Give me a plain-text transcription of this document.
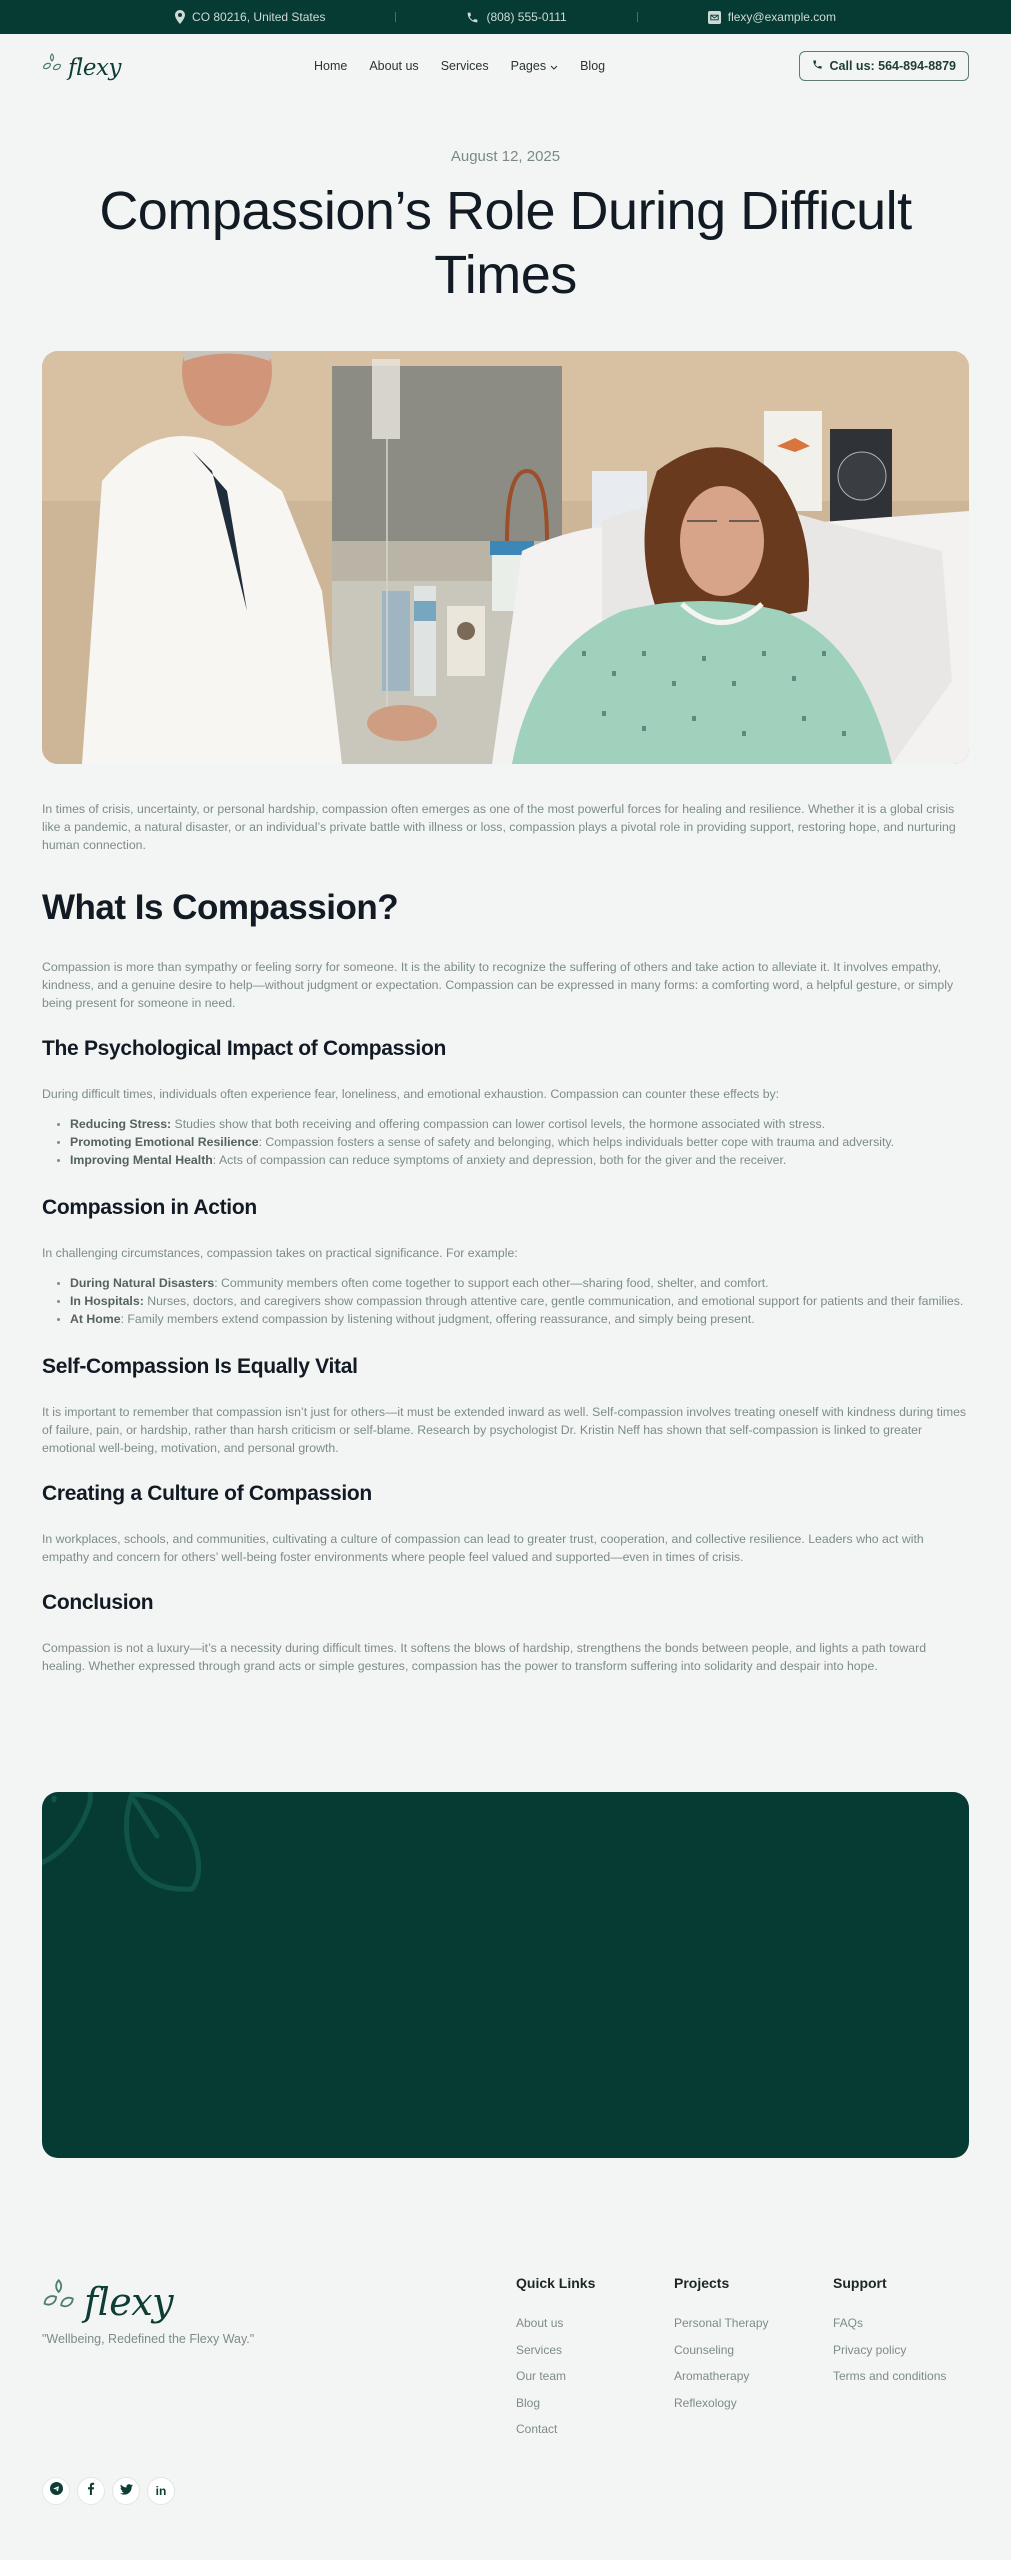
CO 80216, United States	(808) 555-0111	flexy@example.com
flexy	Home About us Services Pages	Blog	Call us: 564-894-8879
August 12, 2025
Compassion’s Role During Difficult Times

In times of crisis, uncertainty, or personal hardship, compassion often emerges as one of the most powerful forces for healing and resilience. Whether it is a global crisis like a pandemic, a natural disaster, or an individual’s private battle with illness or loss, compassion plays a pivotal role in providing support, restoring hope, and nurturing human connection.

What Is Compassion?

Compassion is more than sympathy or feeling sorry for someone. It is the ability to recognize the suffering of others and take action to alleviate it. It involves empathy, kindness, and a genuine desire to help—without judgment or expectation. Compassion can be expressed in many forms: a comforting word, a helpful gesture, or simply being present for someone in need.

The Psychological Impact of Compassion

During difficult times, individuals often experience fear, loneliness, and emotional exhaustion. Compassion can counter these effects by:

Reducing Stress: Studies show that both receiving and offering compassion can lower cortisol levels, the hormone associated with stress.
Promoting Emotional Resilience: Compassion fosters a sense of safety and belonging, which helps individuals better cope with trauma and adversity.
Improving Mental Health: Acts of compassion can reduce symptoms of anxiety and depression, both for the giver and the receiver.
Compassion in Action

In challenging circumstances, compassion takes on practical significance. For example:

During Natural Disasters: Community members often come together to support each other—sharing food, shelter, and comfort.
In Hospitals: Nurses, doctors, and caregivers show compassion through attentive care, gentle communication, and emotional support for patients and their families.
At Home: Family members extend compassion by listening without judgment, offering reassurance, and simply being present.
Self-Compassion Is Equally Vital

It is important to remember that compassion isn’t just for others—it must be extended inward as well. Self-compassion involves treating oneself with kindness during times of failure, pain, or hardship, rather than harsh criticism or self-blame. Research by psychologist Dr. Kristin Neff has shown that self-compassion is linked to greater emotional well-being, motivation, and personal growth.

Creating a Culture of Compassion

In workplaces, schools, and communities, cultivating a culture of compassion can lead to greater trust, cooperation, and collective resilience. Leaders who act with empathy and concern for others’ well-being foster environments where people feel valued and supported—even in times of crisis.

Conclusion

Compassion is not a luxury—it’s a necessity during difficult times. It softens the blows of hardship, strengthens the bonds between people, and lights a path toward healing. Whether expressed through grand acts or simple gestures, compassion has the power to transform suffering into solidarity and despair into hope.

flexy
"Wellbeing, Redefined the Flexy Way."
Quick Links
About us
Services
Our team
Blog
Contact
Projects
Personal Therapy
Counseling
Aromatherapy
Reflexology
Support
FAQs
Privacy policy
Terms and conditions
in
